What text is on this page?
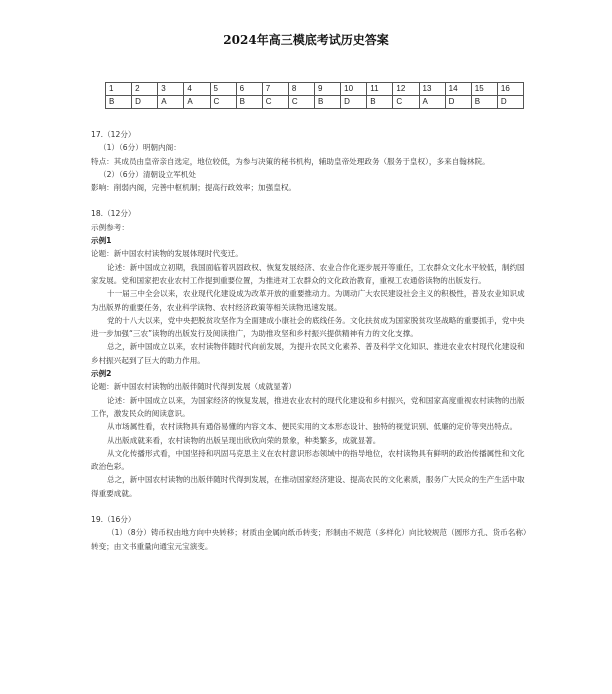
2024年高三模底考试历史答案
1	2	3	4	5	6	7	8	9	10	11	12	13	14	15	16
B	D	A	A	C	B	C	C	B	D	B	C	A	D	B	D

17.（12分）

（1）（6分）明朝内阁：

特点：其成员由皇帝亲自选定，地位较低，为参与决策的秘书机构，辅助皇帝处理政务（服务于皇权），多来自翰林院。

（2）（6分）清朝设立军机处

影响：削弱内阁，完善中枢机制；提高行政效率；加强皇权。

18.（12分）

示例参考：

示例1

论题：新中国农村读物的发展体现时代变迁。

论述：新中国成立初期，我国面临着巩固政权、恢复发展经济、农业合作化逐步展开等重任，工农群众文化水平较低，制约国家发展。党和国家把农业农村工作提到重要位置，为推进对工农群众的文化政治教育，重视工农通俗读物的出版发行。

十一届三中全会以来，农业现代化建设成为改革开放的重要推动力。为调动广大农民建设社会主义的积极性，普及农业知识成为出版界的重要任务，农业科学读物、农村经济政策等相关读物迅速发展。

党的十八大以来，党中央把脱贫攻坚作为全面建成小康社会的底线任务。文化扶贫成为国家脱贫攻坚战略的重要抓手，党中央进一步加强“三农”读物的出版发行及阅读推广，为助推攻坚和乡村振兴提供精神有力的文化支撑。

总之，新中国成立以来，农村读物伴随时代向前发展，为提升农民文化素养、普及科学文化知识、推进农业农村现代化建设和乡村振兴起到了巨大的助力作用。

示例2

论题：新中国农村读物的出版伴随时代得到发展（成就显著）

论述：新中国成立以来，为国家经济的恢复发展，推进农业农村的现代化建设和乡村振兴，党和国家高度重视农村读物的出版工作，激发民众的阅读意识。

从市场属性看，农村读物具有通俗易懂的内容文本、便民实用的文本形态设计、独特的视觉识别、低廉的定价等突出特点。

从出版成就来看，农村读物的出版呈现出欣欣向荣的景象，种类繁多，成就显著。

从文化传播形式看，中国坚持和巩固马克思主义在农村意识形态领域中的指导地位，农村读物具有鲜明的政治传播属性和文化政治色彩。

总之，新中国农村读物的出版伴随时代得到发展，在推动国家经济建设、提高农民的文化素质，服务广大民众的生产生活中取得重要成就。

19.（16分）

（1）（8分）铸币权由地方向中央转移；材质由金属向纸币转变；形制由不规范（多样化）向比较规范（圆形方孔、货币名称）转变；由文书重量向通宝元宝演变。
